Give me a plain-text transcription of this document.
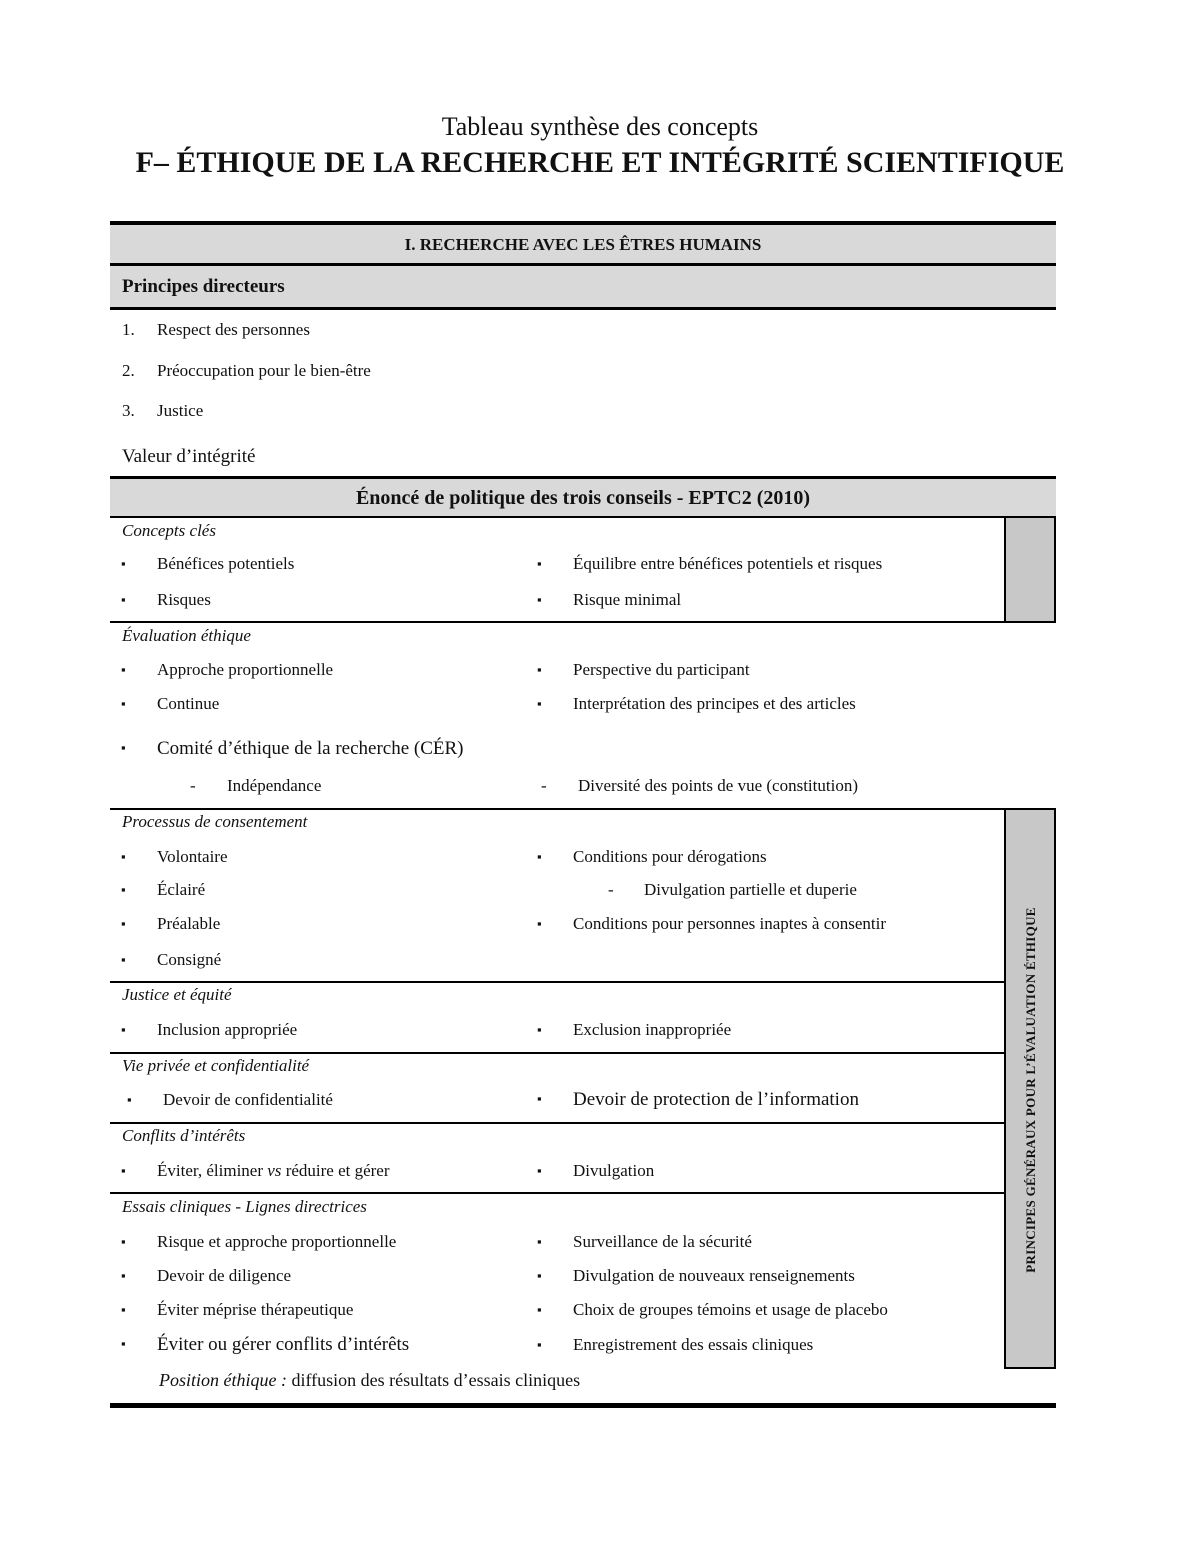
Tableau synthèse des concepts
F– ÉTHIQUE DE LA RECHERCHE ET INTÉGRITÉ SCIENTIFIQUE
I. RECHERCHE AVEC LES ÊTRES HUMAINS
Principes directeurs
1. Respect des personnes
2. Préoccupation pour le bien-être
3. Justice
Valeur d’intégrité
Énoncé de politique des trois conseils - EPTC2 (2010)
PRINCIPES GÉNÉRAUX POUR L’ÉVALUATION ÉTHIQUE
Concepts clés
▪ Bénéfices potentiels	▪ Équilibre entre bénéfices potentiels et risques
▪ Risques	▪ Risque minimal
Évaluation éthique
▪ Approche proportionnelle	▪ Perspective du participant
▪ Continue	▪ Interprétation des principes et des articles
▪ Comité d’éthique de la recherche (CÉR)
- Indépendance	- Diversité des points de vue (constitution)
Processus de consentement
▪ Volontaire	▪ Conditions pour dérogations
▪ Éclairé	- Divulgation partielle et duperie
▪ Préalable	▪ Conditions pour personnes inaptes à consentir
▪ Consigné
Justice et équité
▪ Inclusion appropriée	▪ Exclusion inappropriée
Vie privée et confidentialité
▪ Devoir de confidentialité	▪ Devoir de protection de l’information
Conflits d’intérêts
▪ Éviter, éliminer vs réduire et gérer	▪ Divulgation
Essais cliniques - Lignes directrices
▪ Risque et approche proportionnelle	▪ Surveillance de la sécurité
▪ Devoir de diligence	▪ Divulgation de nouveaux renseignements
▪ Éviter méprise thérapeutique	▪ Choix de groupes témoins et usage de placebo
▪ Éviter ou gérer conflits d’intérêts	▪ Enregistrement des essais cliniques
Position éthique : diffusion des résultats d’essais cliniques
